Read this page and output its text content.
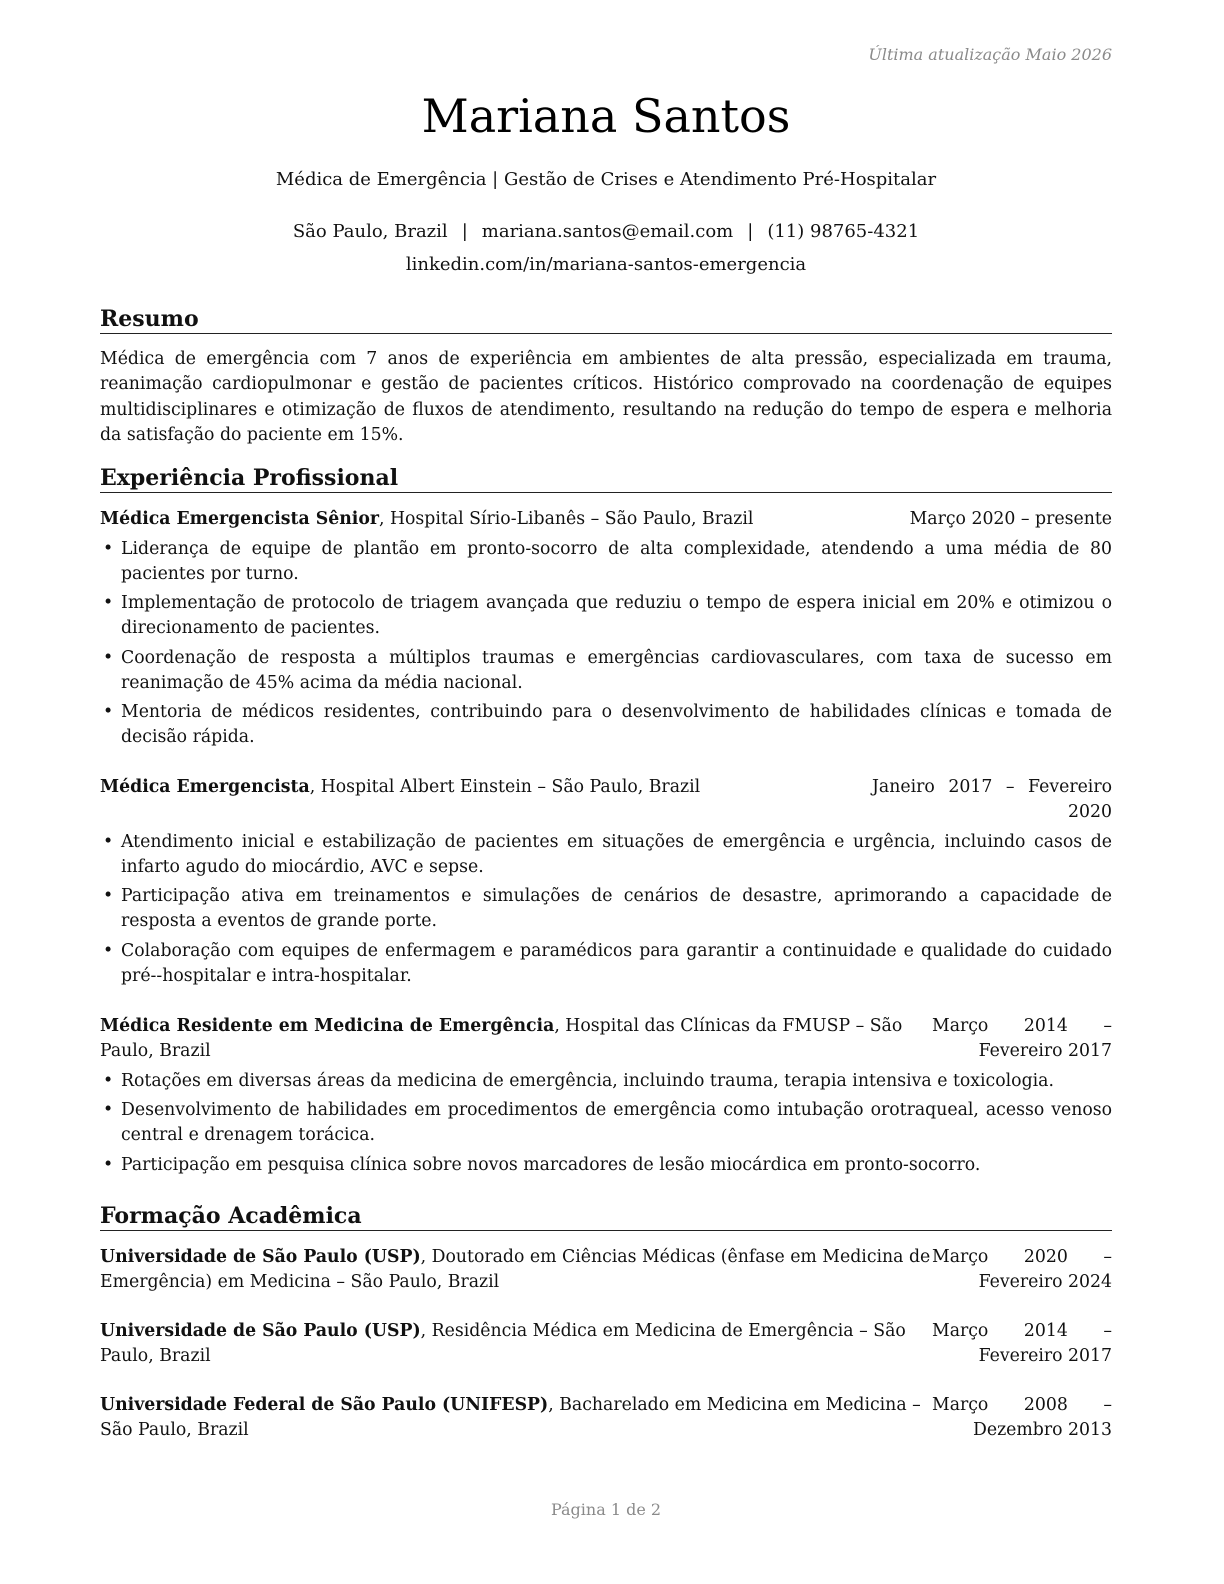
Última atualização Maio 2026
Mariana Santos
Médica de Emergência | Gestão de Crises e Atendimento Pré-Hospitalar
São Paulo, Brazil | mariana.santos@email.com | (11) 98765-4321
linkedin.com/in/mariana-santos-emergencia
Resumo
Médica de emergência com 7 anos de experiência em ambientes de alta pressão, especializada em trauma, reanimação cardiopulmonar e gestão de pacientes críticos. Histórico comprovado na coordenação de equipes multidisciplinares e otimização de fluxos de atendimento, resultando na redução do tempo de espera e melhoria da satisfação do paciente em 15%.
Experiência Profissional
Médica Emergencista Sênior, Hospital Sírio-Libanês – São Paulo, Brazil	Março 2020 – presente
• Liderança de equipe de plantão em pronto-socorro de alta complexidade, atendendo a uma média de 80 pacientes por turno.
• Implementação de protocolo de triagem avançada que reduziu o tempo de espera inicial em 20% e otimizou o direcionamento de pacientes.
• Coordenação de resposta a múltiplos traumas e emergências cardiovasculares, com taxa de sucesso em reanimação de 45% acima da média nacional.
• Mentoria de médicos residentes, contribuindo para o desenvolvimento de habilidades clínicas e tomada de decisão rápida.
Médica Emergencista, Hospital Albert Einstein – São Paulo, Brazil	Janeiro 2017 – Fevereiro 2020
• Atendimento inicial e estabilização de pacientes em situações de emergência e urgência, incluindo casos de infarto agudo do miocárdio, AVC e sepse.
• Participação ativa em treinamentos e simulações de cenários de desastre, aprimorando a capacidade de resposta a eventos de grande porte.
• Colaboração com equipes de enfermagem e paramédicos para garantir a continuidade e qualidade do cuidado pré--hospitalar e intra-hospitalar.
Médica Residente em Medicina de Emergência, Hospital das Clínicas da FMUSP – São Paulo, Brazil
Março 2014 – Fevereiro 2017
• Rotações em diversas áreas da medicina de emergência, incluindo trauma, terapia intensiva e toxicologia.
• Desenvolvimento de habilidades em procedimentos de emergência como intubação orotraqueal, acesso venoso central e drenagem torácica.
• Participação em pesquisa clínica sobre novos marcadores de lesão miocárdica em pronto-socorro.
Formação Acadêmica
Universidade de São Paulo (USP), Doutorado em Ciências Médicas (ênfase em Medicina de Emergência) em Medicina – São Paulo, Brazil
Março 2020 – Fevereiro 2024
Universidade de São Paulo (USP), Residência Médica em Medicina de Emergência – São Paulo, Brazil
Março 2014 – Fevereiro 2017
Universidade Federal de São Paulo (UNIFESP), Bacharelado em Medicina em Medicina – São Paulo, Brazil
Março 2008 – Dezembro 2013
Página 1 de 2
